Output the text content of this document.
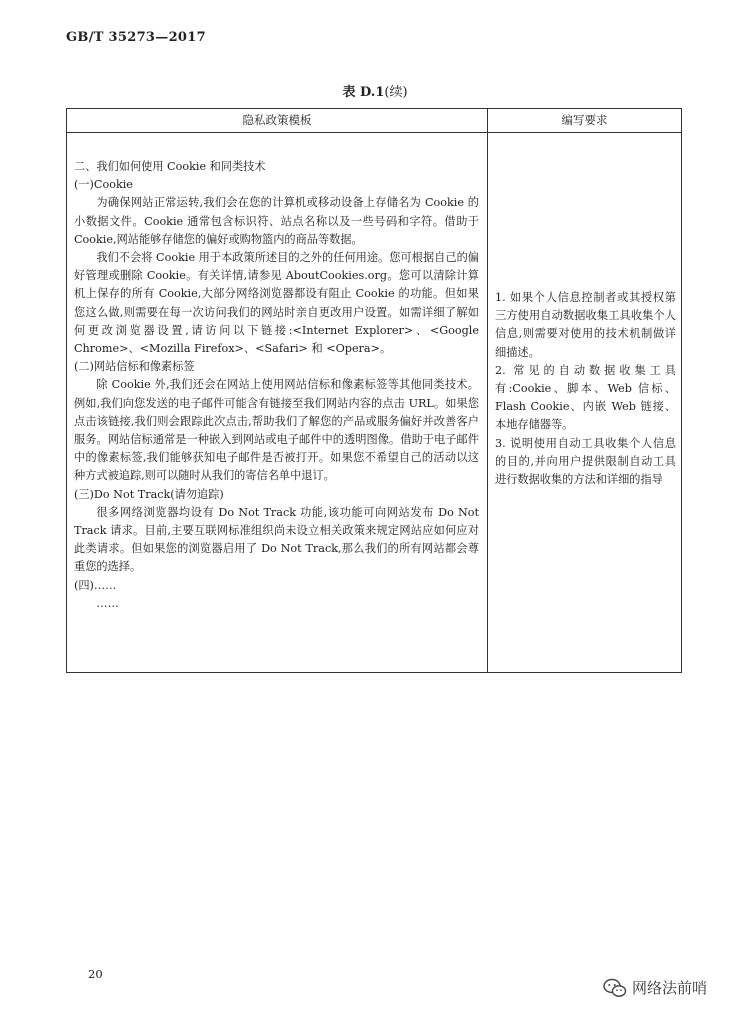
GB/T 35273—2017
表 D.1(续)
隐私政策模板	编写要求

二、我们如何使用 Cookie 和同类技术

(一)Cookie

为确保网站正常运转,我们会在您的计算机或移动设备上存储名为 Cookie 的小数据文件。Cookie 通常包含标识符、站点名称以及一些号码和字符。借助于 Cookie,网站能够存储您的偏好或购物篮内的商品等数据。

我们不会将 Cookie 用于本政策所述目的之外的任何用途。您可根据自己的偏好管理或删除 Cookie。有关详情,请参见 AboutCookies.org。您可以清除计算机上保存的所有 Cookie,大部分网络浏览器都设有阻止 Cookie 的功能。但如果您这么做,则需要在每一次访问我们的网站时亲自更改用户设置。如需详细了解如何更改浏览器设置,请访问以下链接:<Internet Explorer>、<Google Chrome>、<Mozilla Firefox>、<Safari> 和 <Opera>。

(二)网站信标和像素标签

除 Cookie 外,我们还会在网站上使用网站信标和像素标签等其他同类技术。例如,我们向您发送的电子邮件可能含有链接至我们网站内容的点击 URL。如果您点击该链接,我们则会跟踪此次点击,帮助我们了解您的产品或服务偏好并改善客户服务。网站信标通常是一种嵌入到网站或电子邮件中的透明图像。借助于电子邮件中的像素标签,我们能够获知电子邮件是否被打开。如果您不希望自己的活动以这种方式被追踪,则可以随时从我们的寄信名单中退订。

(三)Do Not Track(请勿追踪)

很多网络浏览器均设有 Do Not Track 功能,该功能可向网站发布 Do Not Track 请求。目前,主要互联网标准组织尚未设立相关政策来规定网站应如何应对此类请求。但如果您的浏览器启用了 Do Not Track,那么我们的所有网站都会尊重您的选择。

(四)……

……

1. 如果个人信息控制者或其授权第三方使用自动数据收集工具收集个人信息,则需要对使用的技术机制做详细描述。

2. 常见的自动数据收集工具有:Cookie、脚本、Web 信标、Flash Cookie、内嵌 Web 链接、本地存储器等。

3. 说明使用自动工具收集个人信息的目的,并向用户提供限制自动工具进行数据收集的方法和详细的指导

20
网络法前哨
